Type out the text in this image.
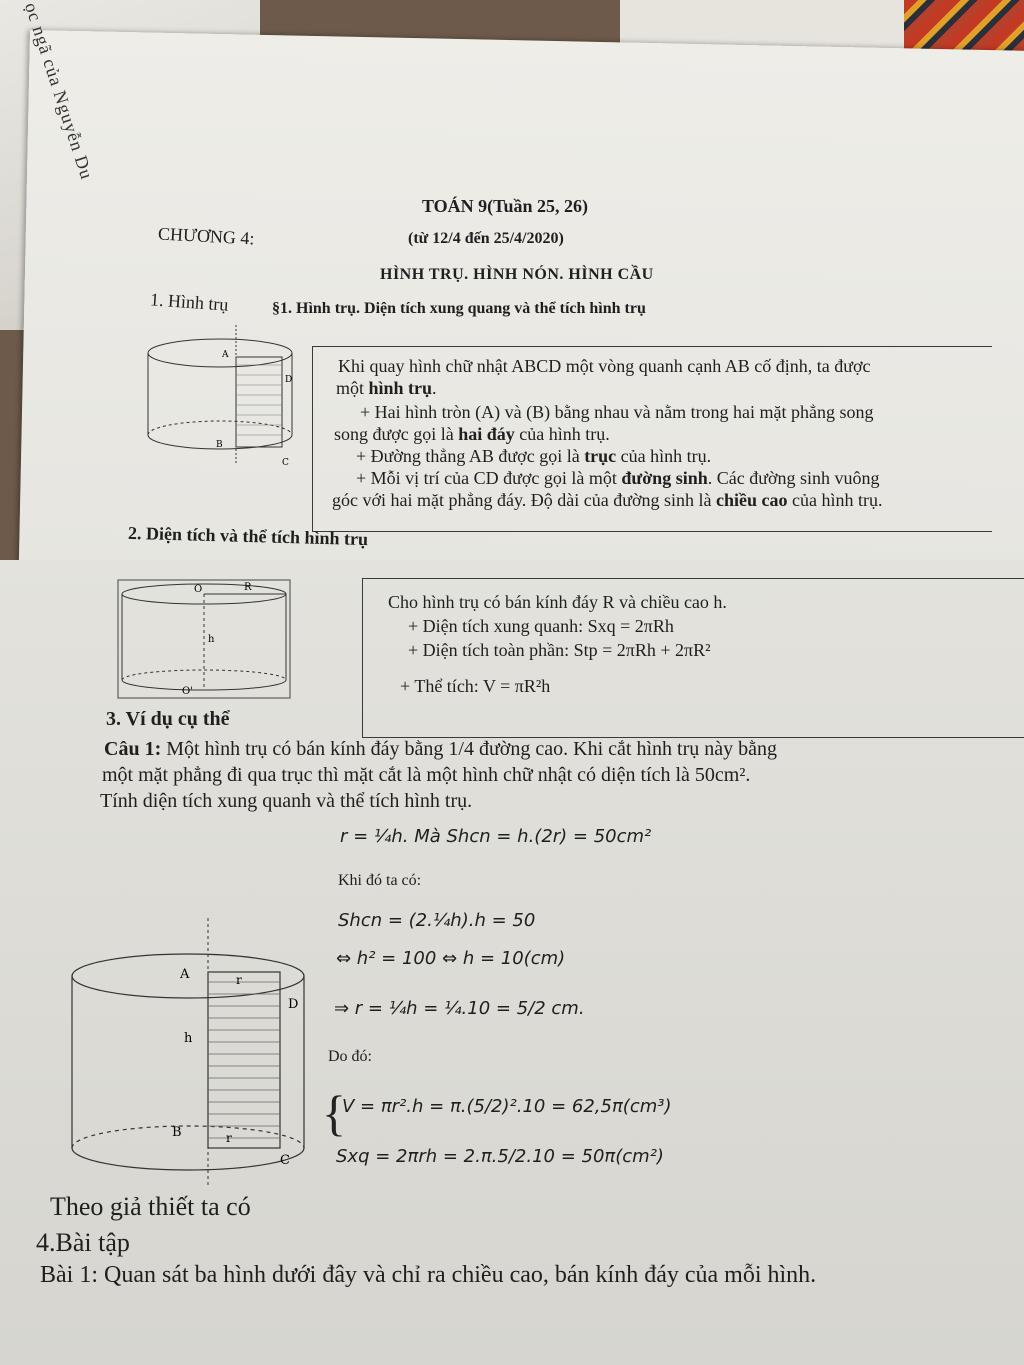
ọc ngã của Nguyễn Du
TOÁN 9(Tuần 25, 26)
(từ 12/4 đến 25/4/2020)
CHƯƠNG 4:
HÌNH TRỤ. HÌNH NÓN. HÌNH CẦU
§1. Hình trụ. Diện tích xung quang và thể tích hình trụ
1. Hình trụ
A
B
D
C
Khi quay hình chữ nhật ABCD một vòng quanh cạnh AB cố định, ta được
một hình trụ.
+ Hai hình tròn (A) và (B) bằng nhau và nằm trong hai mặt phẳng song
song được gọi là hai đáy của hình trụ.
+ Đường thẳng AB được gọi là trục của hình trụ.
+ Mỗi vị trí của CD được gọi là một đường sinh. Các đường sinh vuông
góc với hai mặt phẳng đáy. Độ dài của đường sinh là chiều cao của hình trụ.
2. Diện tích và thể tích hình trụ
O	R
h
O'
Cho hình trụ có bán kính đáy R và chiều cao h.
+ Diện tích xung quanh: Sxq = 2πRh
+ Diện tích toàn phần: Stp = 2πRh + 2πR²
+ Thể tích: V = πR²h
3. Ví dụ cụ thể
Câu 1: Một hình trụ có bán kính đáy bằng 1/4 đường cao. Khi cắt hình trụ này bằng
một mặt phẳng đi qua trục thì mặt cắt là một hình chữ nhật có diện tích là 50cm².
Tính diện tích xung quanh và thể tích hình trụ.
r = ¼h. Mà Shcn = h.(2r) = 50cm²
Khi đó ta có:
Shcn = (2.¼h).h = 50
⇔ h² = 100 ⇔ h = 10(cm)
⇒ r = ¼h = ¼.10 = 5/2 cm.
Do đó:
{
V = πr².h = π.(5/2)².10 = 62,5π(cm³)
Sxq = 2πrh = 2.π.5/2.10 = 50π(cm²)
A
B
D
C
r
r
h
Theo giả thiết ta có
4.Bài tập
Bài 1: Quan sát ba hình dưới đây và chỉ ra chiều cao, bán kính đáy của mỗi hình.
